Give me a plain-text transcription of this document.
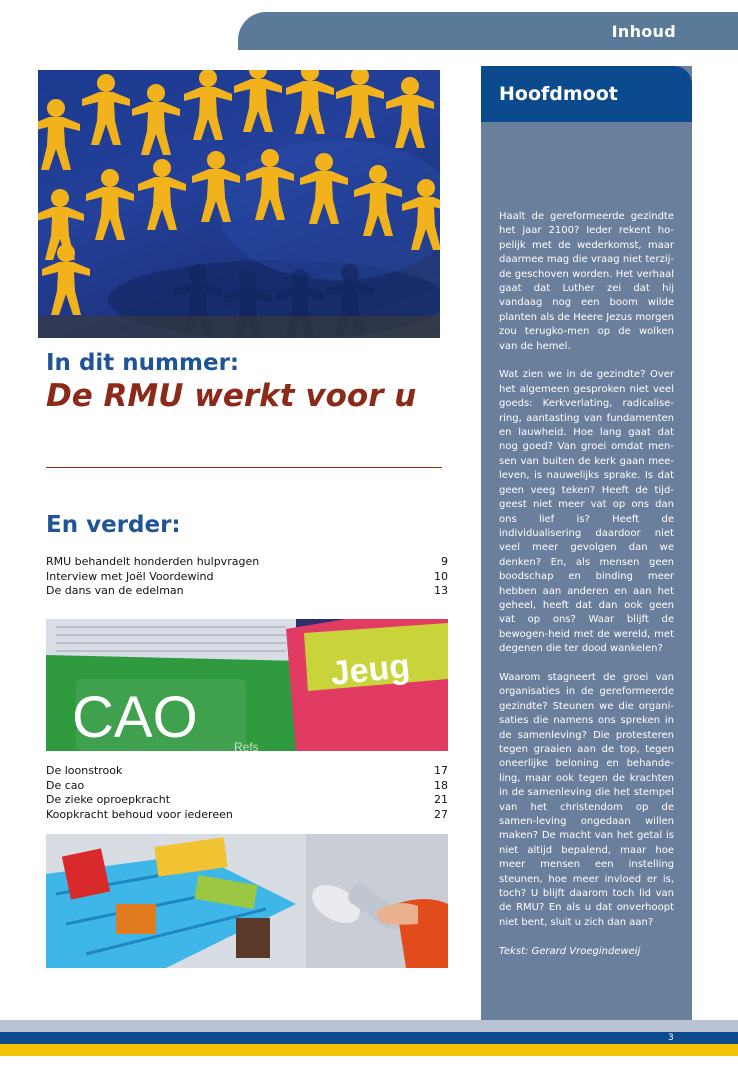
Inhoud
In dit nummer:
De RMU werkt voor u
En verder:
RMU behandelt honderden hulpvragen	9
Interview met Joël Voordewind	10
De dans van de edelman	13
CAO
Jeug
Refs
De loonstrook	17
De cao	18
De zieke oproepkracht	21
Koopkracht behoud voor iedereen	27
Hoofdmoot

Haalt de gereformeerde gezindte het jaar 2100? Ieder rekent ho-pelijk met de wederkomst, maar daarmee mag die vraag niet terzij-de geschoven worden. Het verhaal gaat dat Luther zei dat hij vandaag nog een boom wilde planten als de Heere Jezus morgen zou terugko-men op de wolken van de hemel.

Wat zien we in de gezindte? Over het algemeen gesproken niet veel goeds: Kerkverlating, radicalise-ring, aantasting van fundamenten en lauwheid. Hoe lang gaat dat nog goed? Van groei omdat men-sen van buiten de kerk gaan mee-leven, is nauwelijks sprake. Is dat geen veeg teken? Heeft de tijd-geest niet meer vat op ons dan ons lief is? Heeft de individualisering daardoor niet veel meer gevolgen dan we denken? En, als mensen geen boodschap en binding meer hebben aan anderen en aan het geheel, heeft dat dan ook geen vat op ons? Waar blijft de bewogen-heid met de wereld, met degenen die ter dood wankelen?

Waarom stagneert de groei van organisaties in de gereformeerde gezindte? Steunen we die organi-saties die namens ons spreken in de samenleving? Die protesteren tegen graaien aan de top, tegen oneerlijke beloning en behande-ling, maar ook tegen de krachten in de samenleving die het stempel van het christendom op de samen-leving ongedaan willen maken? De macht van het getal is niet altijd bepalend, maar hoe meer mensen een instelling steunen, hoe meer invloed er is, toch? U blijft daarom toch lid van de RMU? En als u dat onverhoopt niet bent, sluit u zich dan aan?

Tekst: Gerard Vroegindeweij

3
